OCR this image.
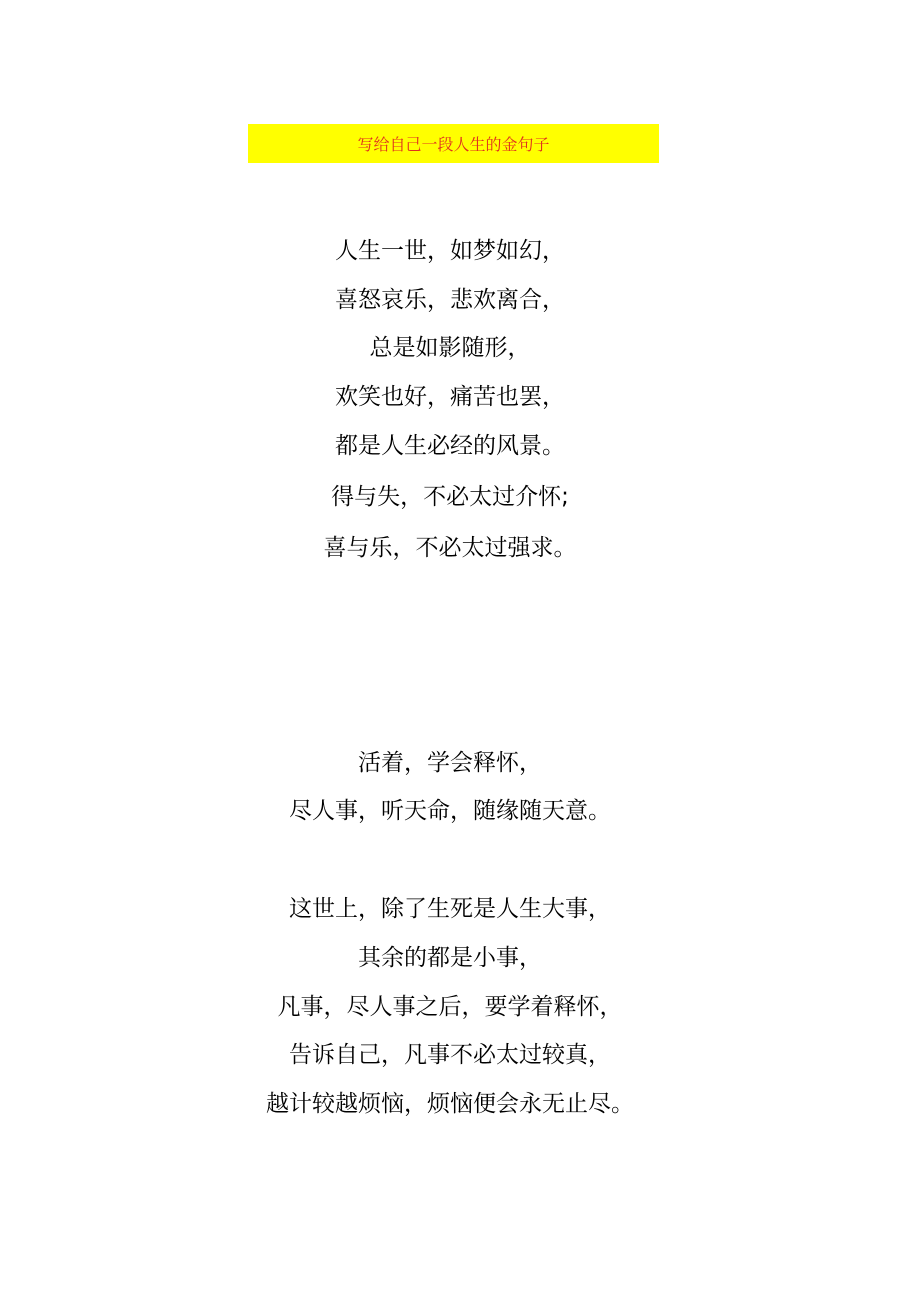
写给自己一段人生的金句子
人生一世，如梦如幻，
喜怒哀乐，悲欢离合，
总是如影随形，
欢笑也好，痛苦也罢，
都是人生必经的风景。
得与失，不必太过介怀;
喜与乐，不必太过强求。
活着，学会释怀，
尽人事，听天命，随缘随天意。
这世上，除了生死是人生大事，
其余的都是小事，
凡事，尽人事之后，要学着释怀，
告诉自己，凡事不必太过较真，
越计较越烦恼，烦恼便会永无止尽。
